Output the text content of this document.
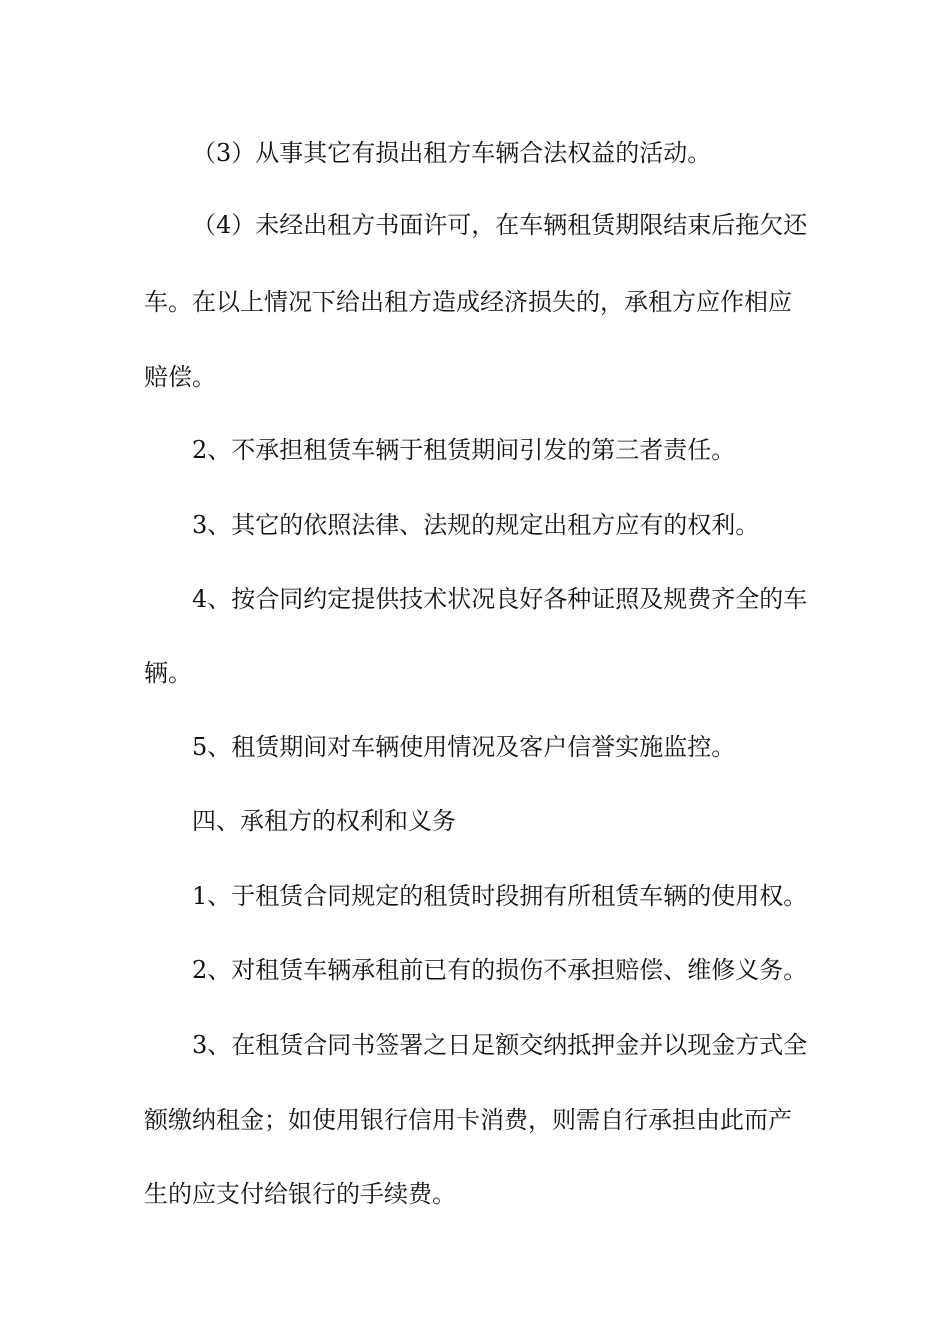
（3）从事其它有损出租方车辆合法权益的活动。
（4）未经出租方书面许可，在车辆租赁期限结束后拖欠还
车。在以上情况下给出租方造成经济损失的，承租方应作相应
赔偿。
2、不承担租赁车辆于租赁期间引发的第三者责任。
3、其它的依照法律、法规的规定出租方应有的权利。
4、按合同约定提供技术状况良好各种证照及规费齐全的车
辆。
5、租赁期间对车辆使用情况及客户信誉实施监控。
四、承租方的权利和义务
1、于租赁合同规定的租赁时段拥有所租赁车辆的使用权。
2、对租赁车辆承租前已有的损伤不承担赔偿、维修义务。
3、在租赁合同书签署之日足额交纳抵押金并以现金方式全
额缴纳租金；如使用银行信用卡消费，则需自行承担由此而产
生的应支付给银行的手续费。
